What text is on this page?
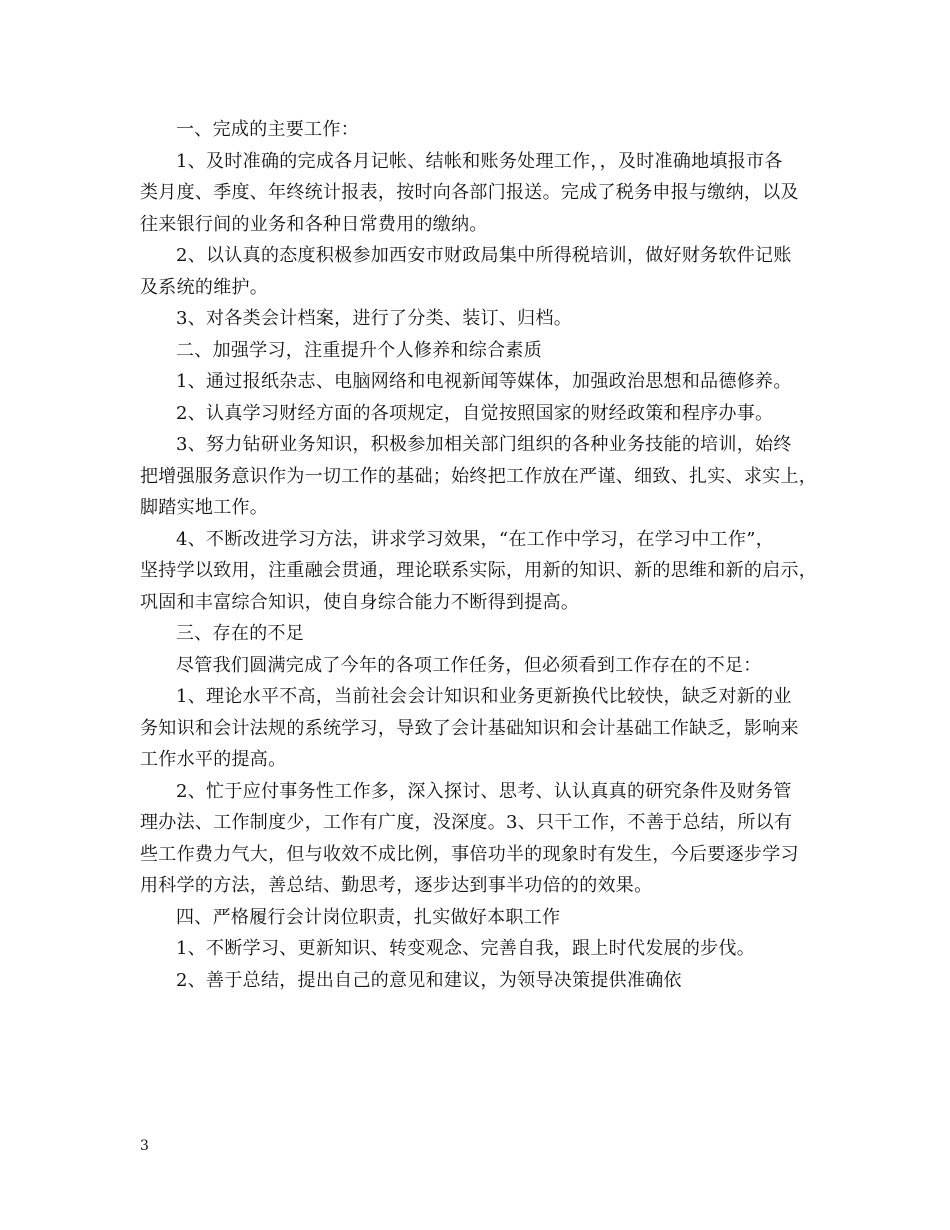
一、完成的主要工作：
1、及时准确的完成各月记帐、结帐和账务处理工作，，及时准确地填报市各
类月度、季度、年终统计报表，按时向各部门报送。完成了税务申报与缴纳，以及
往来银行间的业务和各种日常费用的缴纳。
2、以认真的态度积极参加西安市财政局集中所得税培训，做好财务软件记账
及系统的维护。
3、对各类会计档案，进行了分类、装订、归档。
二、加强学习，注重提升个人修养和综合素质
1、通过报纸杂志、电脑网络和电视新闻等媒体，加强政治思想和品德修养。
2、认真学习财经方面的各项规定，自觉按照国家的财经政策和程序办事。
3、努力钻研业务知识，积极参加相关部门组织的各种业务技能的培训，始终
把增强服务意识作为一切工作的基础；始终把工作放在严谨、细致、扎实、求实上，
脚踏实地工作。
4、不断改进学习方法，讲求学习效果，“在工作中学习，在学习中工作”，
坚持学以致用，注重融会贯通，理论联系实际，用新的知识、新的思维和新的启示，
巩固和丰富综合知识，使自身综合能力不断得到提高。
三、存在的不足
尽管我们圆满完成了今年的各项工作任务，但必须看到工作存在的不足：
1、理论水平不高，当前社会会计知识和业务更新换代比较快，缺乏对新的业
务知识和会计法规的系统学习，导致了会计基础知识和会计基础工作缺乏，影响来
工作水平的提高。
2、忙于应付事务性工作多，深入探讨、思考、认认真真的研究条件及财务管
理办法、工作制度少，工作有广度，没深度。3、只干工作，不善于总结，所以有
些工作费力气大，但与收效不成比例，事倍功半的现象时有发生，今后要逐步学习
用科学的方法，善总结、勤思考，逐步达到事半功倍的的效果。
四、严格履行会计岗位职责，扎实做好本职工作
1、不断学习、更新知识、转变观念、完善自我，跟上时代发展的步伐。
2、善于总结，提出自己的意见和建议，为领导决策提供准确依
3
